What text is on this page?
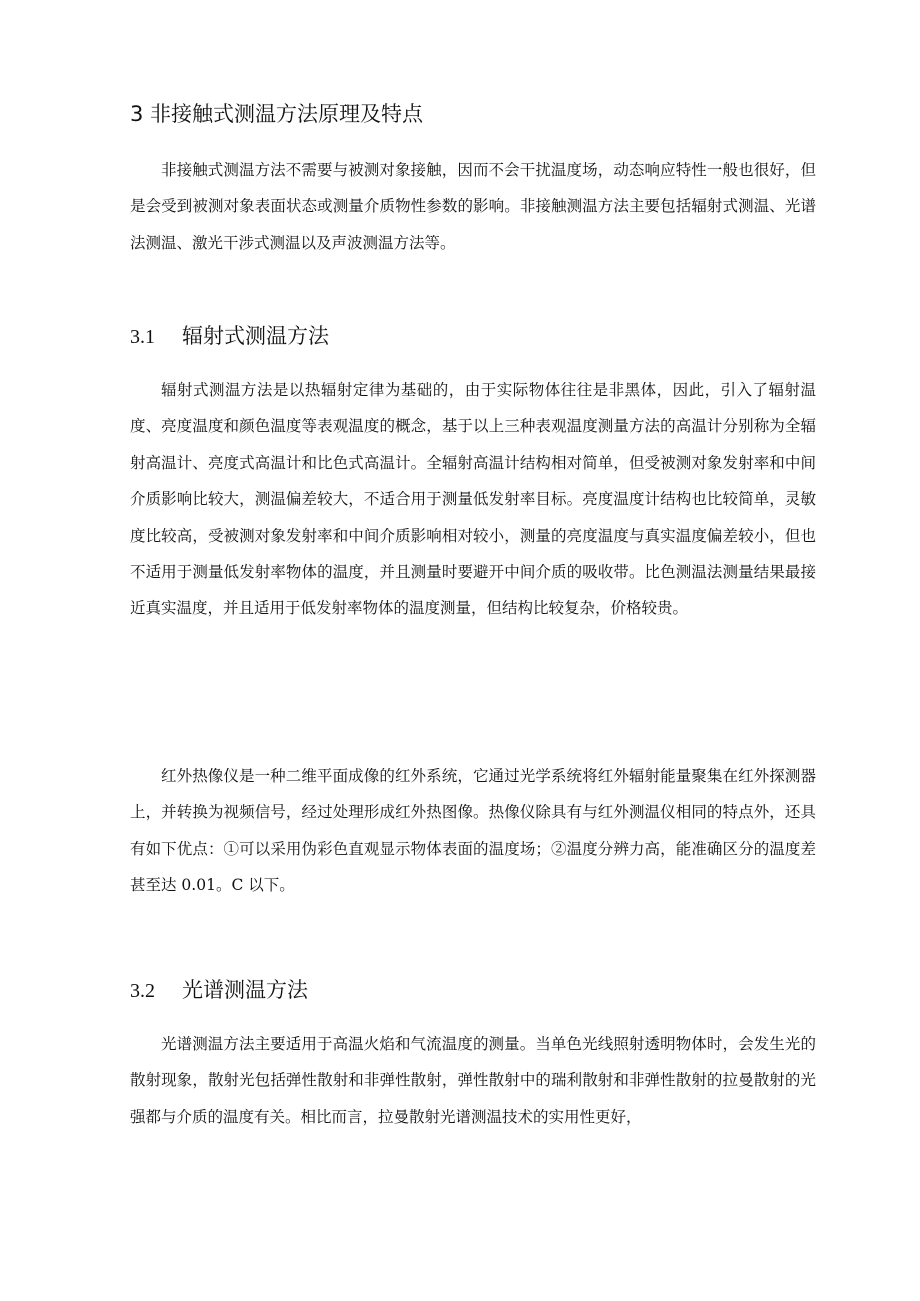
3 非接触式测温方法原理及特点

非接触式测温方法不需要与被测对象接触，因而不会干扰温度场，动态响应特性一般也很好，但是会受到被测对象表面状态或测量介质物性参数的影响。非接触测温方法主要包括辐射式测温、光谱法测温、激光干涉式测温以及声波测温方法等。

3.1 辐射式测温方法

辐射式测温方法是以热辐射定律为基础的，由于实际物体往往是非黑体，因此，引入了辐射温度、亮度温度和颜色温度等表观温度的概念，基于以上三种表观温度测量方法的高温计分别称为全辐射高温计、亮度式高温计和比色式高温计。全辐射高温计结构相对简单，但受被测对象发射率和中间介质影响比较大，测温偏差较大，不适合用于测量低发射率目标。亮度温度计结构也比较简单，灵敏度比较高，受被测对象发射率和中间介质影响相对较小，测量的亮度温度与真实温度偏差较小，但也不适用于测量低发射率物体的温度，并且测量时要避开中间介质的吸收带。比色测温法测量结果最接近真实温度，并且适用于低发射率物体的温度测量，但结构比较复杂，价格较贵。

红外热像仪是一种二维平面成像的红外系统，它通过光学系统将红外辐射能量聚集在红外探测器上，并转换为视频信号，经过处理形成红外热图像。热像仪除具有与红外测温仪相同的特点外，还具有如下优点：①可以采用伪彩色直观显示物体表面的温度场；②温度分辨力高，能准确区分的温度差甚至达 0.01。C 以下。

3.2 光谱测温方法

光谱测温方法主要适用于高温火焰和气流温度的测量。当单色光线照射透明物体时，会发生光的散射现象，散射光包括弹性散射和非弹性散射，弹性散射中的瑞利散射和非弹性散射的拉曼散射的光强都与介质的温度有关。相比而言，拉曼散射光谱测温技术的实用性更好，
